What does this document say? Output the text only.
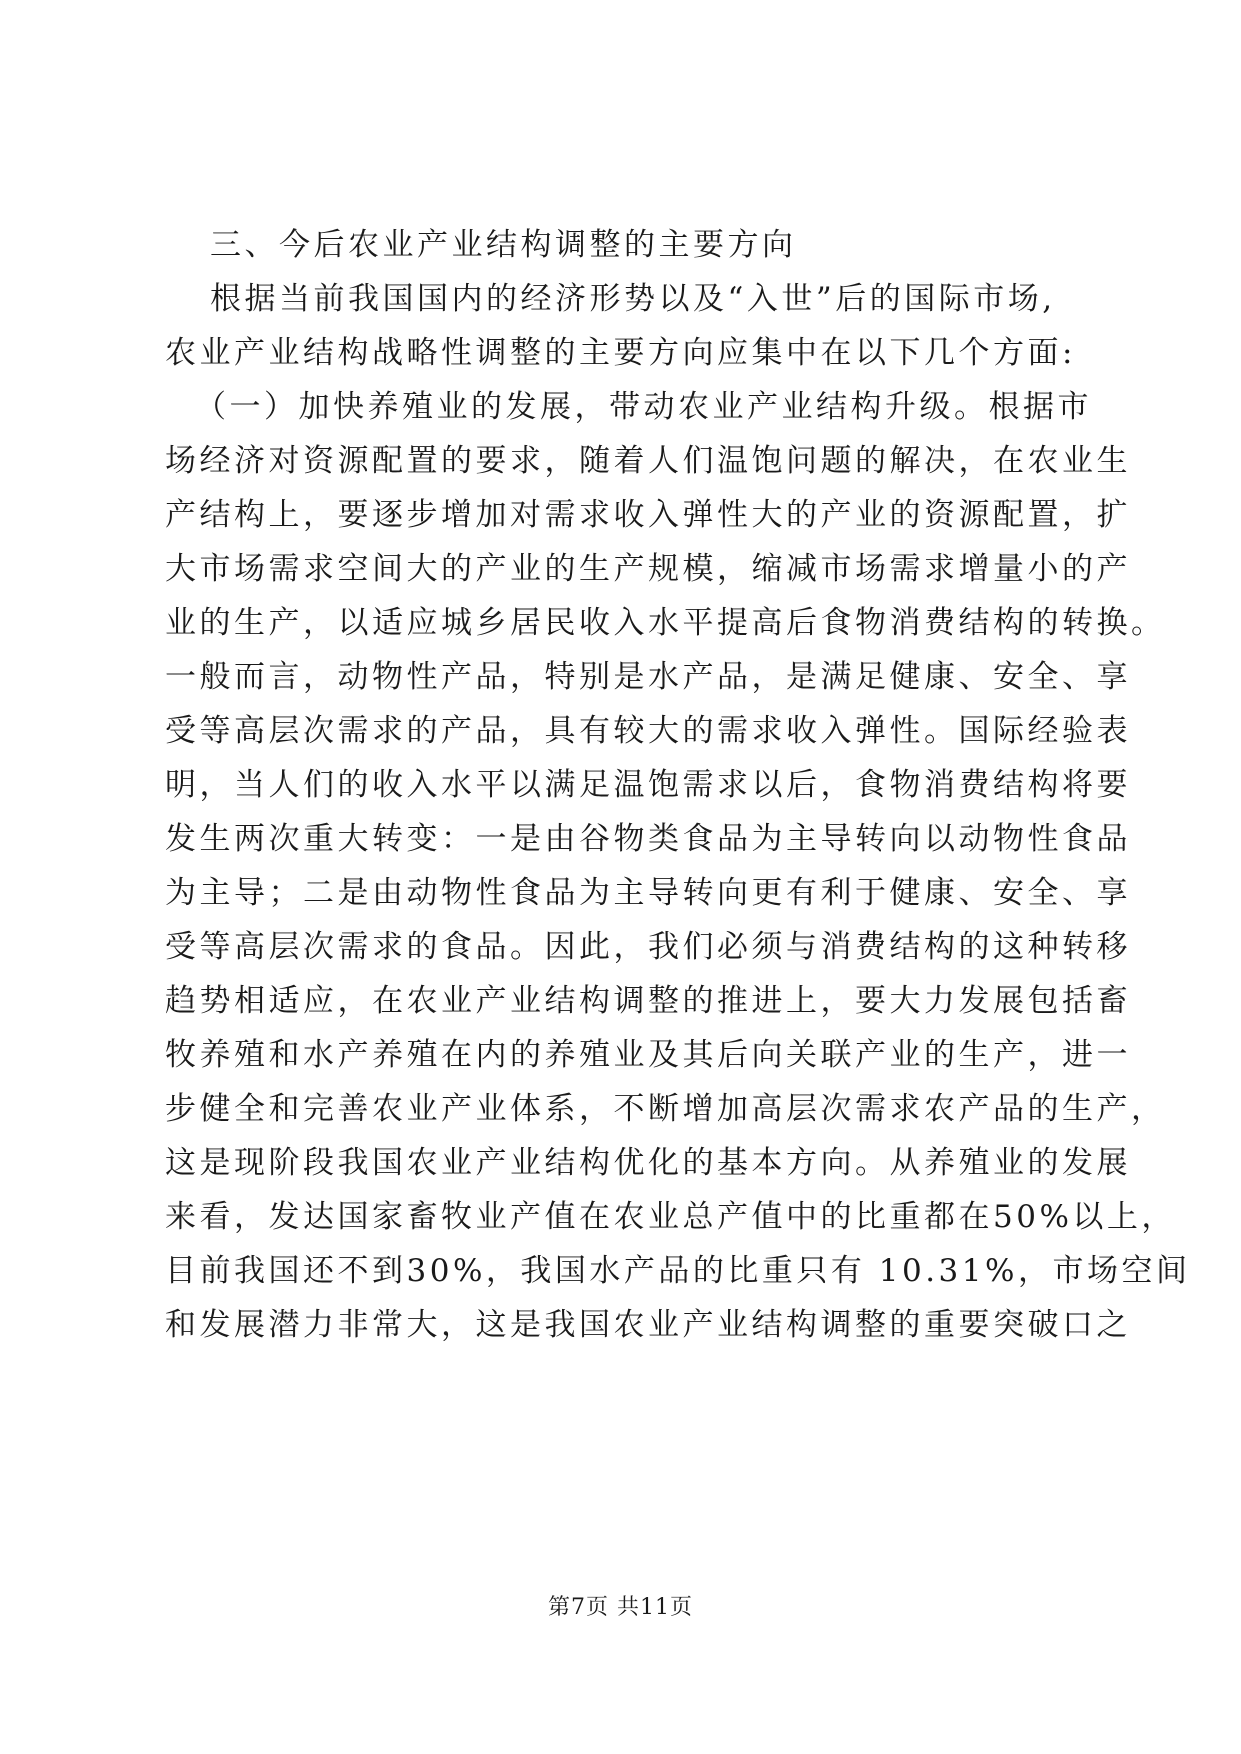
三、今后农业产业结构调整的主要方向
根据当前我国国内的经济形势以及“入世”后的国际市场,
农业产业结构战略性调整的主要方向应集中在以下几个方面:
（一）加快养殖业的发展，带动农业产业结构升级。根据市
场经济对资源配置的要求，随着人们温饱问题的解决，在农业生
产结构上，要逐步增加对需求收入弹性大的产业的资源配置，扩
大市场需求空间大的产业的生产规模，缩减市场需求增量小的产
业的生产，以适应城乡居民收入水平提高后食物消费结构的转换。
一般而言，动物性产品，特别是水产品，是满足健康、安全、享
受等高层次需求的产品，具有较大的需求收入弹性。国际经验表
明，当人们的收入水平以满足温饱需求以后，食物消费结构将要
发生两次重大转变：一是由谷物类食品为主导转向以动物性食品
为主导；二是由动物性食品为主导转向更有利于健康、安全、享
受等高层次需求的食品。因此，我们必须与消费结构的这种转移
趋势相适应，在农业产业结构调整的推进上，要大力发展包括畜
牧养殖和水产养殖在内的养殖业及其后向关联产业的生产，进一
步健全和完善农业产业体系，不断增加高层次需求农产品的生产，
这是现阶段我国农业产业结构优化的基本方向。从养殖业的发展
来看，发达国家畜牧业产值在农业总产值中的比重都在50%以上，
目前我国还不到30%，我国水产品的比重只有 10.31%，市场空间
和发展潜力非常大，这是我国农业产业结构调整的重要突破口之
第7页 共11页
